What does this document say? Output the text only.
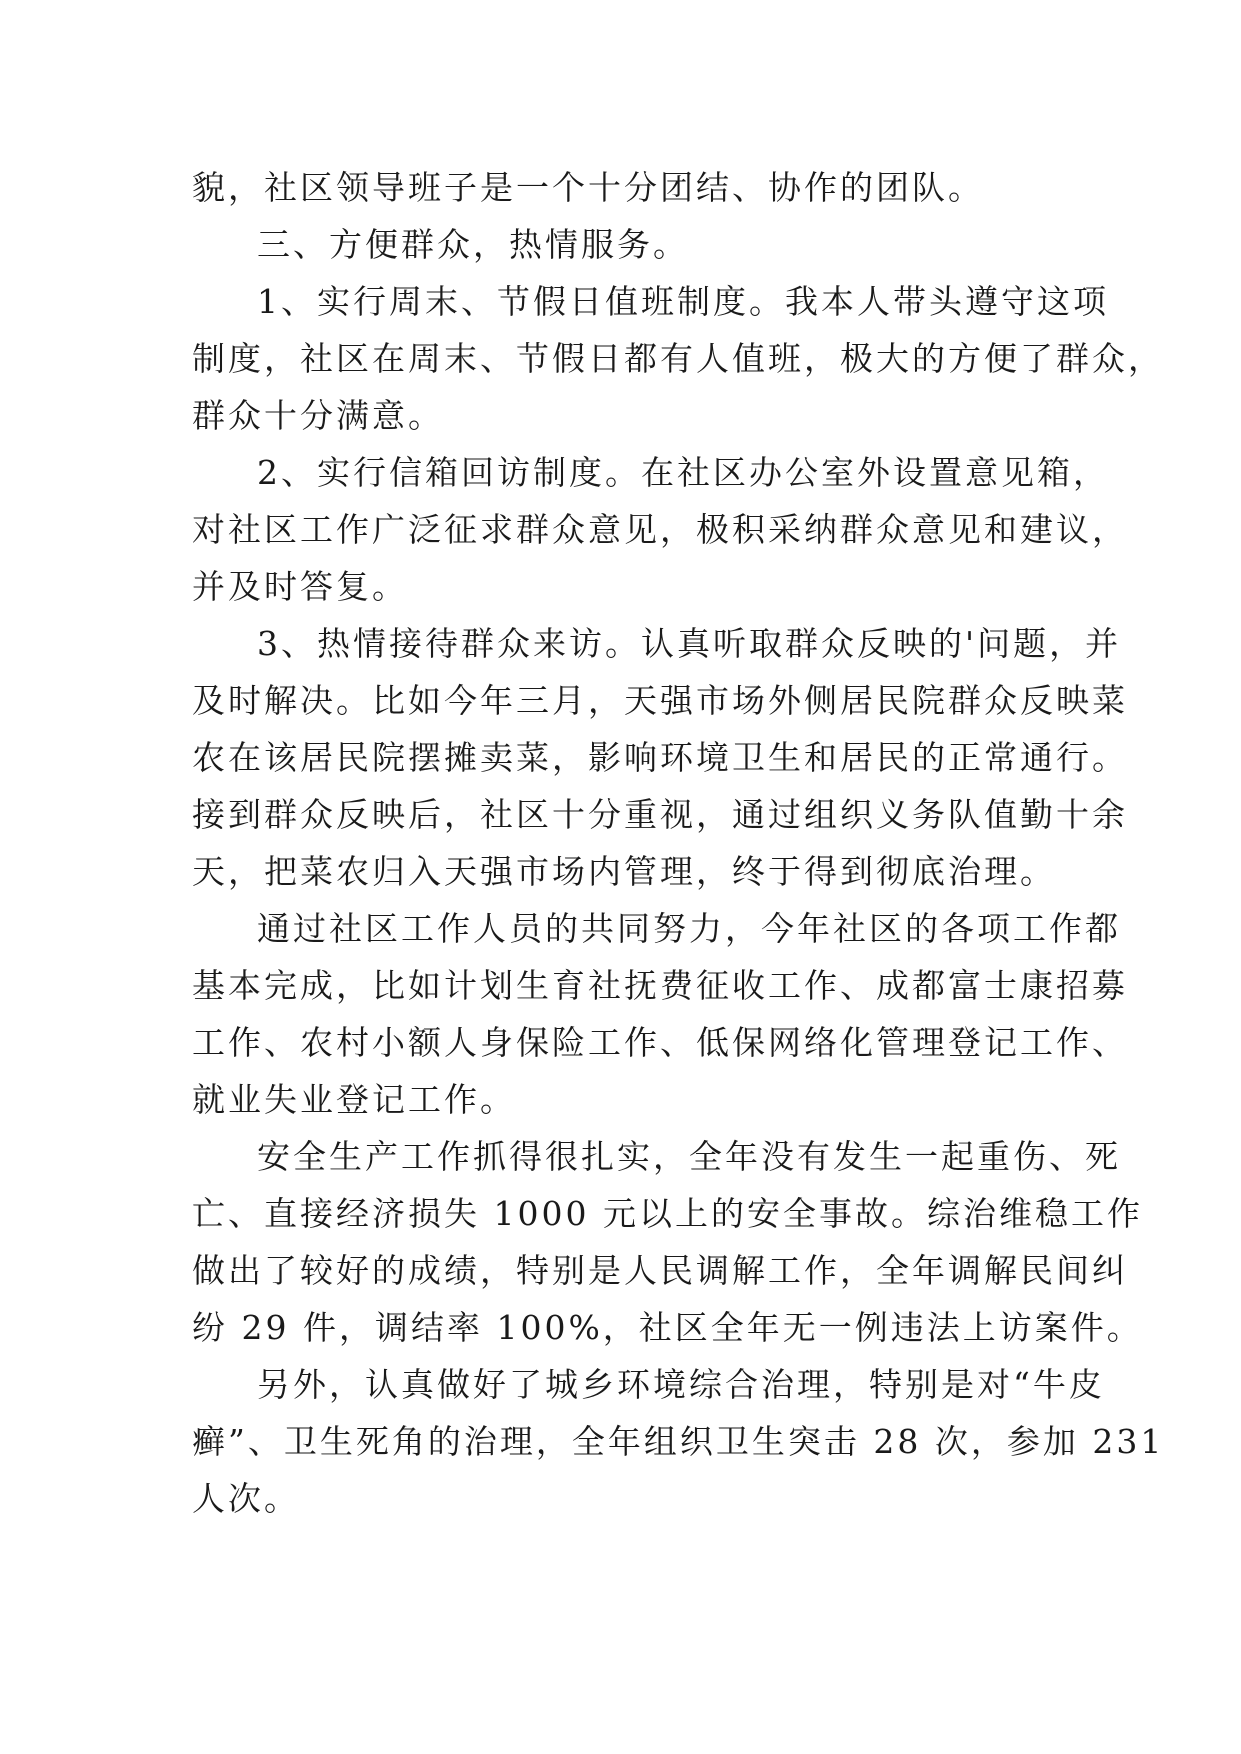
貌，社区领导班子是一个十分团结、协作的团队。
三、方便群众，热情服务。
1、实行周末、节假日值班制度。我本人带头遵守这项
制度，社区在周末、节假日都有人值班，极大的方便了群众，
群众十分满意。
2、实行信箱回访制度。在社区办公室外设置意见箱，
对社区工作广泛征求群众意见，极积采纳群众意见和建议，
并及时答复。
3、热情接待群众来访。认真听取群众反映的'问题，并
及时解决。比如今年三月，天强市场外侧居民院群众反映菜
农在该居民院摆摊卖菜，影响环境卫生和居民的正常通行。
接到群众反映后，社区十分重视，通过组织义务队值勤十余
天，把菜农归入天强市场内管理，终于得到彻底治理。
通过社区工作人员的共同努力，今年社区的各项工作都
基本完成，比如计划生育社抚费征收工作、成都富士康招募
工作、农村小额人身保险工作、低保网络化管理登记工作、
就业失业登记工作。
安全生产工作抓得很扎实，全年没有发生一起重伤、死
亡、直接经济损失 1000 元以上的安全事故。综治维稳工作
做出了较好的成绩，特别是人民调解工作，全年调解民间纠
纷 29 件，调结率 100%，社区全年无一例违法上访案件。
另外，认真做好了城乡环境综合治理，特别是对“牛皮
癣”、卫生死角的治理，全年组织卫生突击 28 次，参加 231
人次。
